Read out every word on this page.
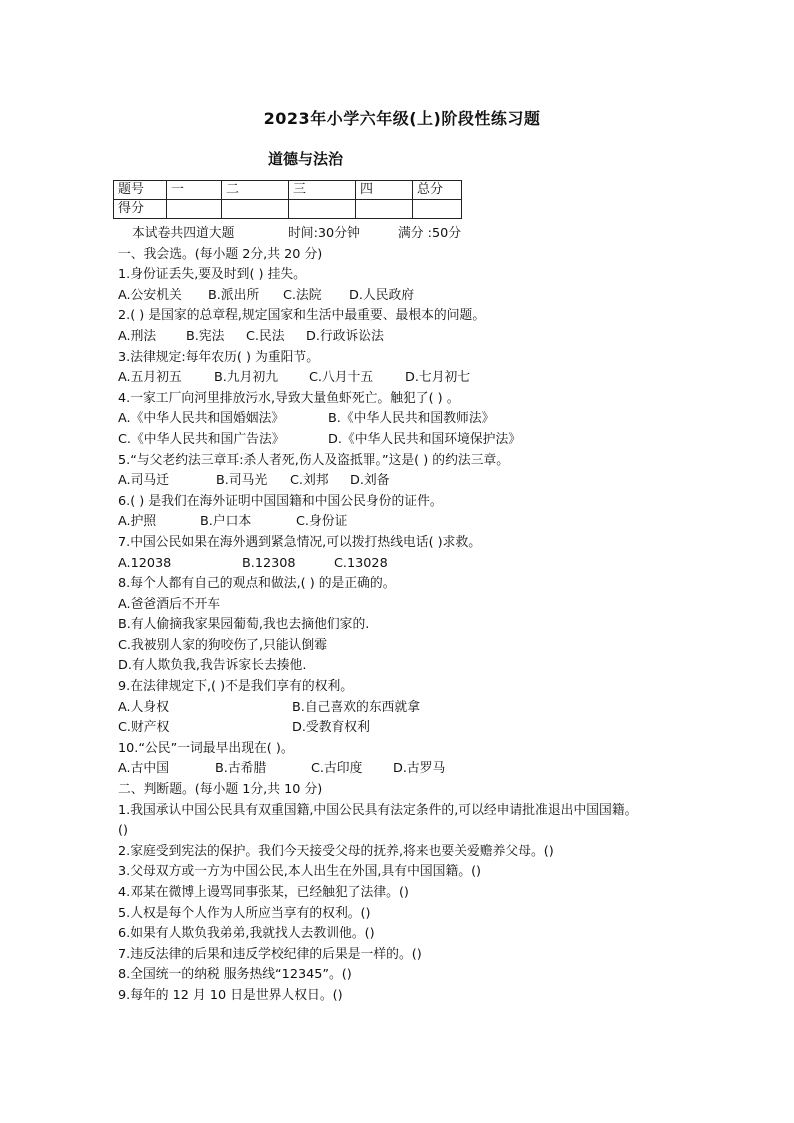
2023年小学六年级(上)阶段性练习题
道德与法治
题号	一	二	三	四	总分
得分					
本试卷共四道大题	时间:30分钟	满分 :50分
一、我会选。(每小题 2分,共 20 分)
1.身份证丢失,要及时到( ) 挂失。
A.公安机关 B.派出所 C.法院 D.人民政府
2.( ) 是国家的总章程,规定国家和生活中最重要、最根本的问题。
A.刑法 B.宪法 C.民法 D.行政诉讼法
3.法律规定:每年农历( ) 为重阳节。
A.五月初五	B.九月初九 C.八月十五 D.七月初七
4.一家工厂向河里排放污水,导致大量鱼虾死亡。触犯了( ) 。
A.《中华人民共和国婚姻法》	B.《中华人民共和国教师法》
C.《中华人民共和国广告法》	D.《中华人民共和国环境保护法》
5.“与父老约法三章耳:杀人者死,伤人及盗抵罪。”这是( ) 的约法三章。
A.司马迁	B.司马光 C.刘邦 D.刘备
6.( ) 是我们在海外证明中国国籍和中国公民身份的证件。
A.护照	B.户口本	C.身份证
7.中国公民如果在海外遇到紧急情况,可以拨打热线电话( )求救。
A.12038	B.12308	C.13028
8.每个人都有自己的观点和做法,( ) 的是正确的。
A.爸爸酒后不开车
B.有人偷摘我家果园葡萄,我也去摘他们家的.
C.我被别人家的狗咬伤了,只能认倒霉
D.有人欺负我,我告诉家长去揍他.
9.在法律规定下,( )不是我们享有的权利。
A.人身权	B.自己喜欢的东西就拿
C.财产权	D.受教育权利
10.“公民”一词最早出现在( )。
A.古中国	B.古希腊	C.古印度 D.古罗马
二、判断题。(每小题 1分,共 10 分)
1.我国承认中国公民具有双重国籍,中国公民具有法定条件的,可以经申请批准退出中国国籍。
()
2.家庭受到宪法的保护。我们今天接受父母的抚养,将来也要关爱赡养父母。()
3.父母双方或一方为中国公民,本人出生在外国,具有中国国籍。()
4.邓某在微博上谩骂同事张某，已经触犯了法律。()
5.人权是每个人作为人所应当享有的权利。()
6.如果有人欺负我弟弟,我就找人去教训他。()
7.违反法律的后果和违反学校纪律的后果是一样的。()
8.全国统一的纳税 服务热线“12345”。()
9.每年的 12 月 10 日是世界人权日。()
